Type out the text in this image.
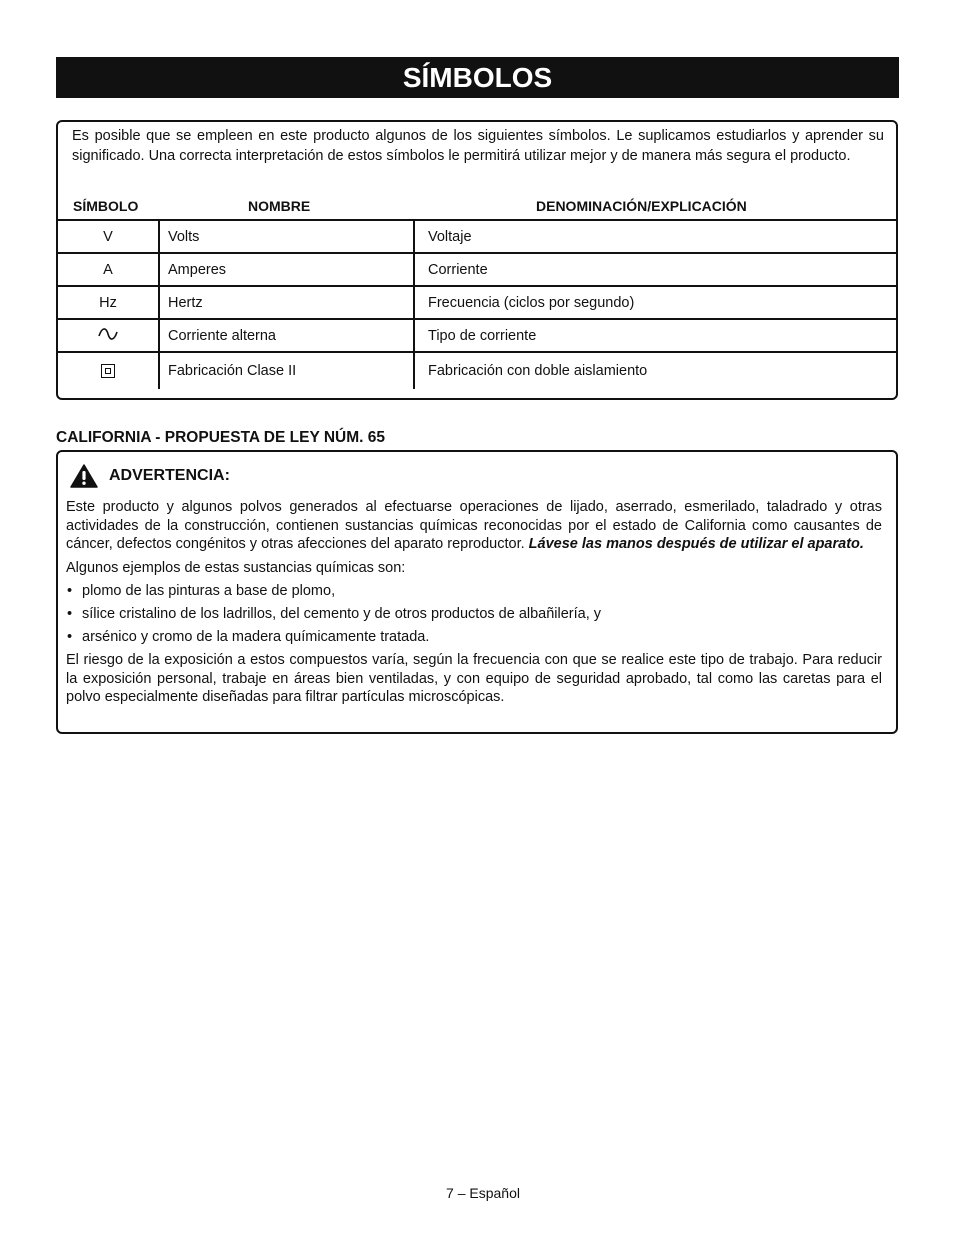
SÍMBOLOS
Es posible que se empleen en este producto algunos de los siguientes símbolos. Le suplicamos estudiarlos y aprender su significado. Una correcta interpretación de estos símbolos le permitirá utilizar mejor y de manera más segura el producto.
SÍMBOLO	NOMBRE	DENOMINACIÓN/EXPLICACIÓN
V	Volts	Voltaje
A	Amperes	Corriente
Hz	Hertz	Frecuencia (ciclos por segundo)
	Corriente alterna	Tipo de corriente
	Fabricación Clase II	Fabricación con doble aislamiento
CALIFORNIA - PROPUESTA DE LEY NÚM. 65
ADVERTENCIA:

Este producto y algunos polvos generados al efectuarse operaciones de lijado, aserrado, esmerilado, taladrado y otras actividades de la construcción, contienen sustancias químicas reconocidas por el estado de California como causantes de cáncer, defectos congénitos y otras afecciones del aparato reproductor. Lávese las manos después de utilizar el aparato.

Algunos ejemplos de estas sustancias químicas son:

• plomo de las pinturas a base de plomo,
• sílice cristalino de los ladrillos, del cemento y de otros productos de albañilería, y
• arsénico y cromo de la madera químicamente tratada.

El riesgo de la exposición a estos compuestos varía, según la frecuencia con que se realice este tipo de trabajo. Para reducir la exposición personal, trabaje en áreas bien ventiladas, y con equipo de seguridad aprobado, tal como las caretas para el polvo especialmente diseñadas para filtrar partículas microscópicas.

7 – Español
